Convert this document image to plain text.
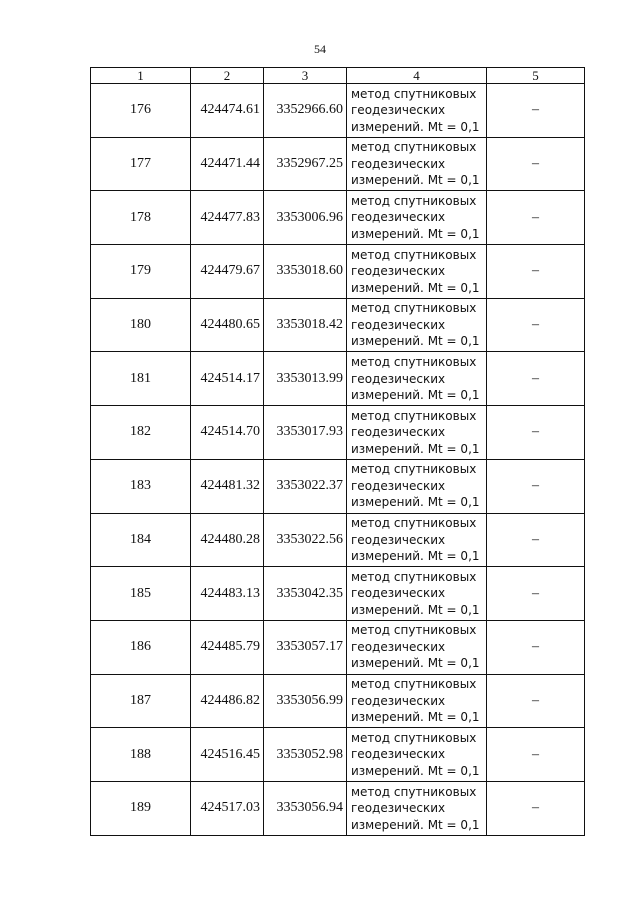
54
1	2	3	4	5
176	424474.61	3352966.60	метод спутниковых
геодезических
измерений. Mt = 0,1	–
177	424471.44	3352967.25	метод спутниковых
геодезических
измерений. Mt = 0,1	–
178	424477.83	3353006.96	метод спутниковых
геодезических
измерений. Mt = 0,1	–
179	424479.67	3353018.60	метод спутниковых
геодезических
измерений. Mt = 0,1	–
180	424480.65	3353018.42	метод спутниковых
геодезических
измерений. Mt = 0,1	–
181	424514.17	3353013.99	метод спутниковых
геодезических
измерений. Mt = 0,1	–
182	424514.70	3353017.93	метод спутниковых
геодезических
измерений. Mt = 0,1	–
183	424481.32	3353022.37	метод спутниковых
геодезических
измерений. Mt = 0,1	–
184	424480.28	3353022.56	метод спутниковых
геодезических
измерений. Mt = 0,1	–
185	424483.13	3353042.35	метод спутниковых
геодезических
измерений. Mt = 0,1	–
186	424485.79	3353057.17	метод спутниковых
геодезических
измерений. Mt = 0,1	–
187	424486.82	3353056.99	метод спутниковых
геодезических
измерений. Mt = 0,1	–
188	424516.45	3353052.98	метод спутниковых
геодезических
измерений. Mt = 0,1	–
189	424517.03	3353056.94	метод спутниковых
геодезических
измерений. Mt = 0,1	–
